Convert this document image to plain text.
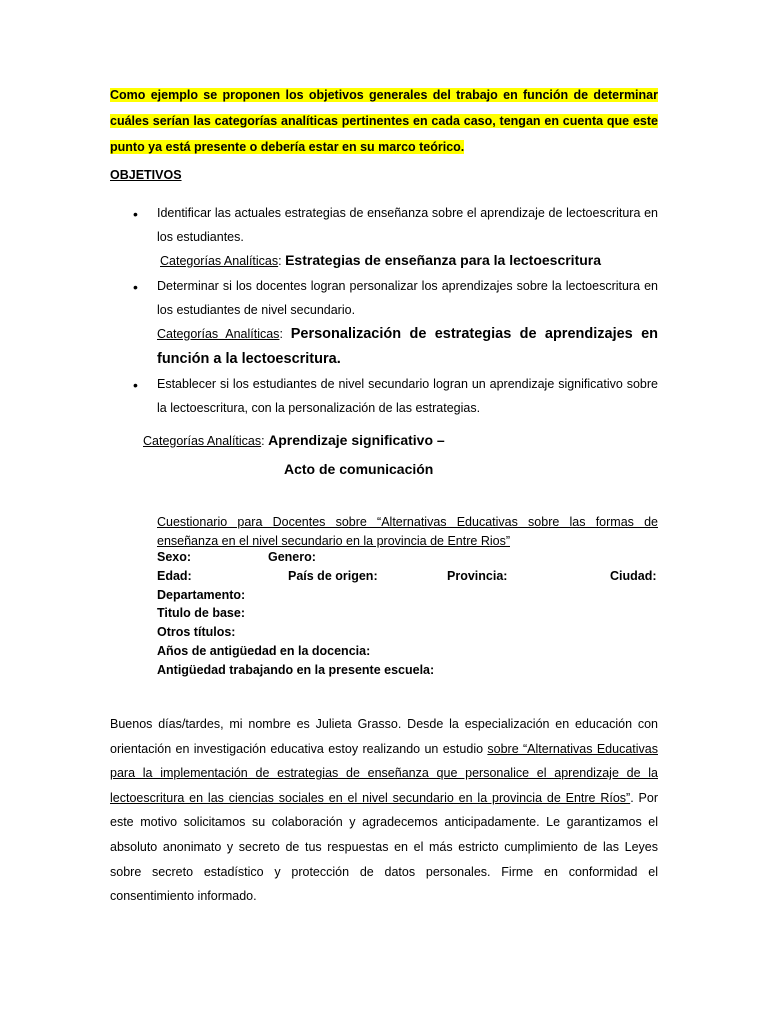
Como ejemplo se proponen los objetivos generales del trabajo en función de determinar cuáles serían las categorías analíticas pertinentes en cada caso, tengan en cuenta que este punto ya está presente o debería estar en su marco teórico.
OBJETIVOS
• Identificar las actuales estrategias de enseñanza sobre el aprendizaje de lectoescritura en los estudiantes.
Categorías Analíticas: Estrategias de enseñanza para la lectoescritura
• Determinar si los docentes logran personalizar los aprendizajes sobre la lectoescritura en los estudiantes de nivel secundario.
Categorías Analíticas: Personalización de estrategias de aprendizajes en función a la lectoescritura.
• Establecer si los estudiantes de nivel secundario logran un aprendizaje significativo sobre la lectoescritura, con la personalización de las estrategias.
Categorías Analíticas: Aprendizaje significativo –
Acto de comunicación
Cuestionario para Docentes sobre “Alternativas Educativas sobre las formas de enseñanza en el nivel secundario en la provincia de Entre Rios”
Sexo:	Genero:
Edad:	País de origen:	Provincia:	Ciudad:
Departamento:
Titulo de base:
Otros títulos:
Años de antigüedad en la docencia:
Antigüedad trabajando en la presente escuela:
Buenos días/tardes, mi nombre es Julieta Grasso. Desde la especialización en educación con orientación en investigación educativa estoy realizando un estudio sobre “Alternativas Educativas para la implementación de estrategias de enseñanza que personalice el aprendizaje de la lectoescritura en las ciencias sociales en el nivel secundario en la provincia de Entre Ríos”. Por este motivo solicitamos su colaboración y agradecemos anticipadamente. Le garantizamos el absoluto anonimato y secreto de tus respuestas en el más estricto cumplimiento de las Leyes sobre secreto estadístico y protección de datos personales. Firme en conformidad el consentimiento informado.
